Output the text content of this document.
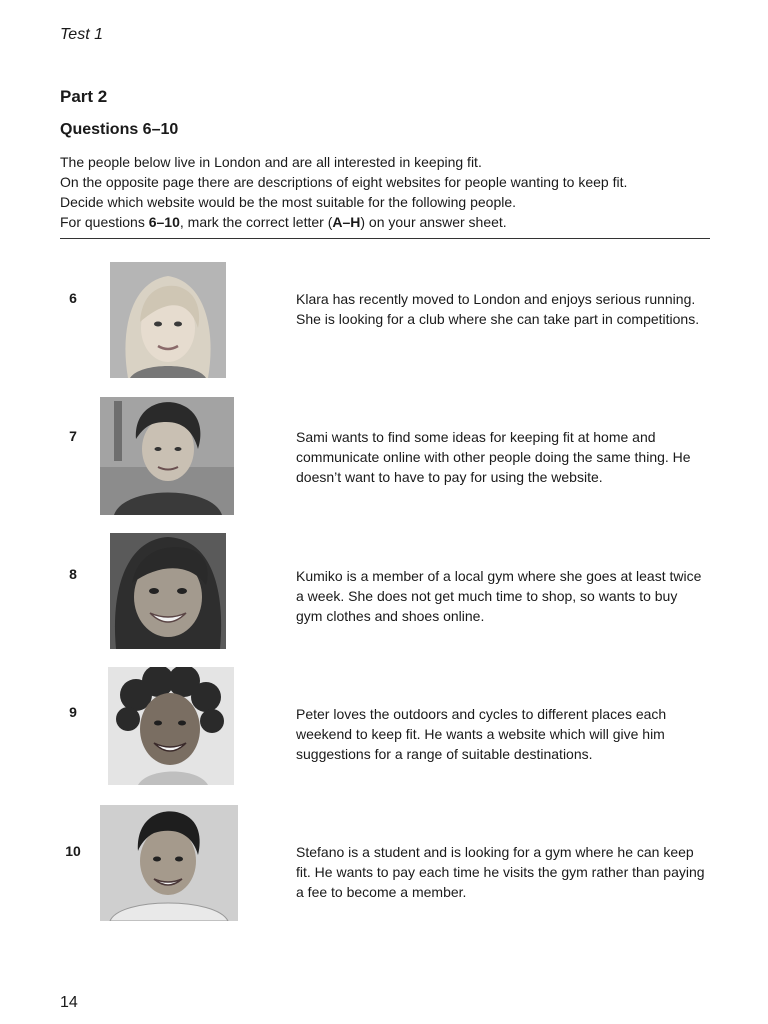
Test 1
Part 2
Questions 6–10

The people below live in London and are all interested in keeping fit.

On the opposite page there are descriptions of eight websites for people wanting to keep fit.

Decide which website would be the most suitable for the following people.

For questions 6–10, mark the correct letter (A–H) on your answer sheet.

6	Klara has recently moved to London and enjoys serious running. She is looking for a club where she can take part in competitions.
7	Sami wants to find some ideas for keeping fit at home and communicate online with other people doing the same thing. He doesn’t want to have to pay for using the website.
8	Kumiko is a member of a local gym where she goes at least twice a week. She does not get much time to shop, so wants to buy gym clothes and shoes online.
9	Peter loves the outdoors and cycles to different places each weekend to keep fit. He wants a website which will give him suggestions for a range of suitable destinations.
10	Stefano is a student and is looking for a gym where he can keep fit. He wants to pay each time he visits the gym rather than paying a fee to become a member.
14
